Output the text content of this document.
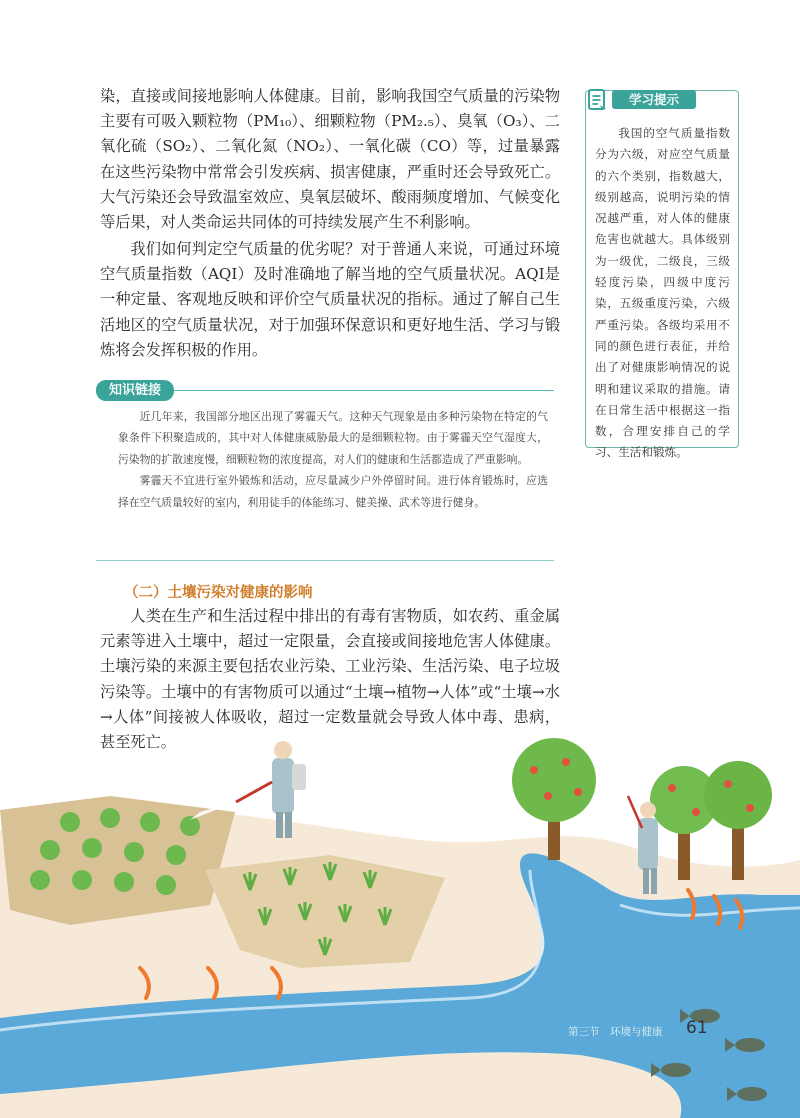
染，直接或间接地影响人体健康。目前，影响我国空气质量的污染物主要有可吸入颗粒物（PM₁₀）、细颗粒物（PM₂.₅）、臭氧（O₃）、二氧化硫（SO₂）、二氧化氮（NO₂）、一氧化碳（CO）等，过量暴露在这些污染物中常常会引发疾病、损害健康，严重时还会导致死亡。大气污染还会导致温室效应、臭氧层破坏、酸雨频度增加、气候变化等后果，对人类命运共同体的可持续发展产生不利影响。

我们如何判定空气质量的优劣呢？对于普通人来说，可通过环境空气质量指数（AQI）及时准确地了解当地的空气质量状况。AQI是一种定量、客观地反映和评价空气质量状况的指标。通过了解自己生活地区的空气质量状况，对于加强环保意识和更好地生活、学习与锻炼将会发挥积极的作用。

学习提示
我国的空气质量指数分为六级，对应空气质量的六个类别，指数越大，级别越高，说明污染的情况越严重，对人体的健康危害也就越大。具体级别为一级优，二级良，三级轻度污染，四级中度污染，五级重度污染，六级严重污染。各级均采用不同的颜色进行表征，并给出了对健康影响情况的说明和建议采取的措施。请在日常生活中根据这一指数，合理安排自己的学习、生活和锻炼。
知识链接

近几年来，我国部分地区出现了雾霾天气。这种天气现象是由多种污染物在特定的气象条件下积聚造成的，其中对人体健康威胁最大的是细颗粒物。由于雾霾天空气湿度大，污染物的扩散速度慢，细颗粒物的浓度提高，对人们的健康和生活都造成了严重影响。

雾霾天不宜进行室外锻炼和活动，应尽量减少户外停留时间。进行体育锻炼时，应选择在空气质量较好的室内，利用徒手的体能练习、健美操、武术等进行健身。

（二）土壤污染对健康的影响

人类在生产和生活过程中排出的有毒有害物质，如农药、重金属元素等进入土壤中，超过一定限量，会直接或间接地危害人体健康。土壤污染的来源主要包括农业污染、工业污染、生活污染、电子垃圾污染等。土壤中的有害物质可以通过“土壤→植物→人体”或“土壤→水→人体”间接被人体吸收，超过一定数量就会导致人体中毒、患病，甚至死亡。

第三节　环境与健康 61
